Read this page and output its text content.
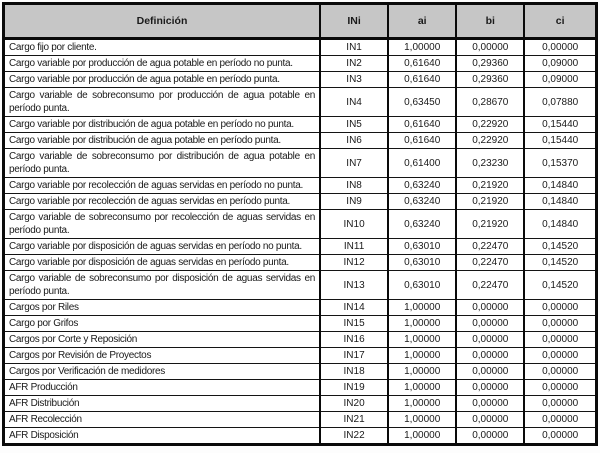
Definición	INi	ai	bi	ci
Cargo fijo por cliente.	IN1	1,00000	0,00000	0,00000
Cargo variable por producción de agua potable en período no punta.	IN2	0,61640	0,29360	0,09000
Cargo variable por producción de agua potable en período punta.	IN3	0,61640	0,29360	0,09000
Cargo variable de sobreconsumo por producción de agua potable en período punta.	IN4	0,63450	0,28670	0,07880
Cargo variable por distribución de agua potable en período no punta.	IN5	0,61640	0,22920	0,15440
Cargo variable por distribución de agua potable en período punta.	IN6	0,61640	0,22920	0,15440
Cargo variable de sobreconsumo por distribución de agua potable en período punta.	IN7	0,61400	0,23230	0,15370
Cargo variable por recolección de aguas servidas en período no punta.	IN8	0,63240	0,21920	0,14840
Cargo variable por recolección de aguas servidas en período punta.	IN9	0,63240	0,21920	0,14840
Cargo variable de sobreconsumo por recolección de aguas servidas en período punta.	IN10	0,63240	0,21920	0,14840
Cargo variable por disposición de aguas servidas en período no punta.	IN11	0,63010	0,22470	0,14520
Cargo variable por disposición de aguas servidas en período punta.	IN12	0,63010	0,22470	0,14520
Cargo variable de sobreconsumo por disposición de aguas servidas en período punta.	IN13	0,63010	0,22470	0,14520
Cargos por Riles	IN14	1,00000	0,00000	0,00000
Cargo por Grifos	IN15	1,00000	0,00000	0,00000
Cargos por Corte y Reposición	IN16	1,00000	0,00000	0,00000
Cargos por Revisión de Proyectos	IN17	1,00000	0,00000	0,00000
Cargos por Verificación de medidores	IN18	1,00000	0,00000	0,00000
AFR Producción	IN19	1,00000	0,00000	0,00000
AFR Distribución	IN20	1,00000	0,00000	0,00000
AFR Recolección	IN21	1,00000	0,00000	0,00000
AFR Disposición	IN22	1,00000	0,00000	0,00000
